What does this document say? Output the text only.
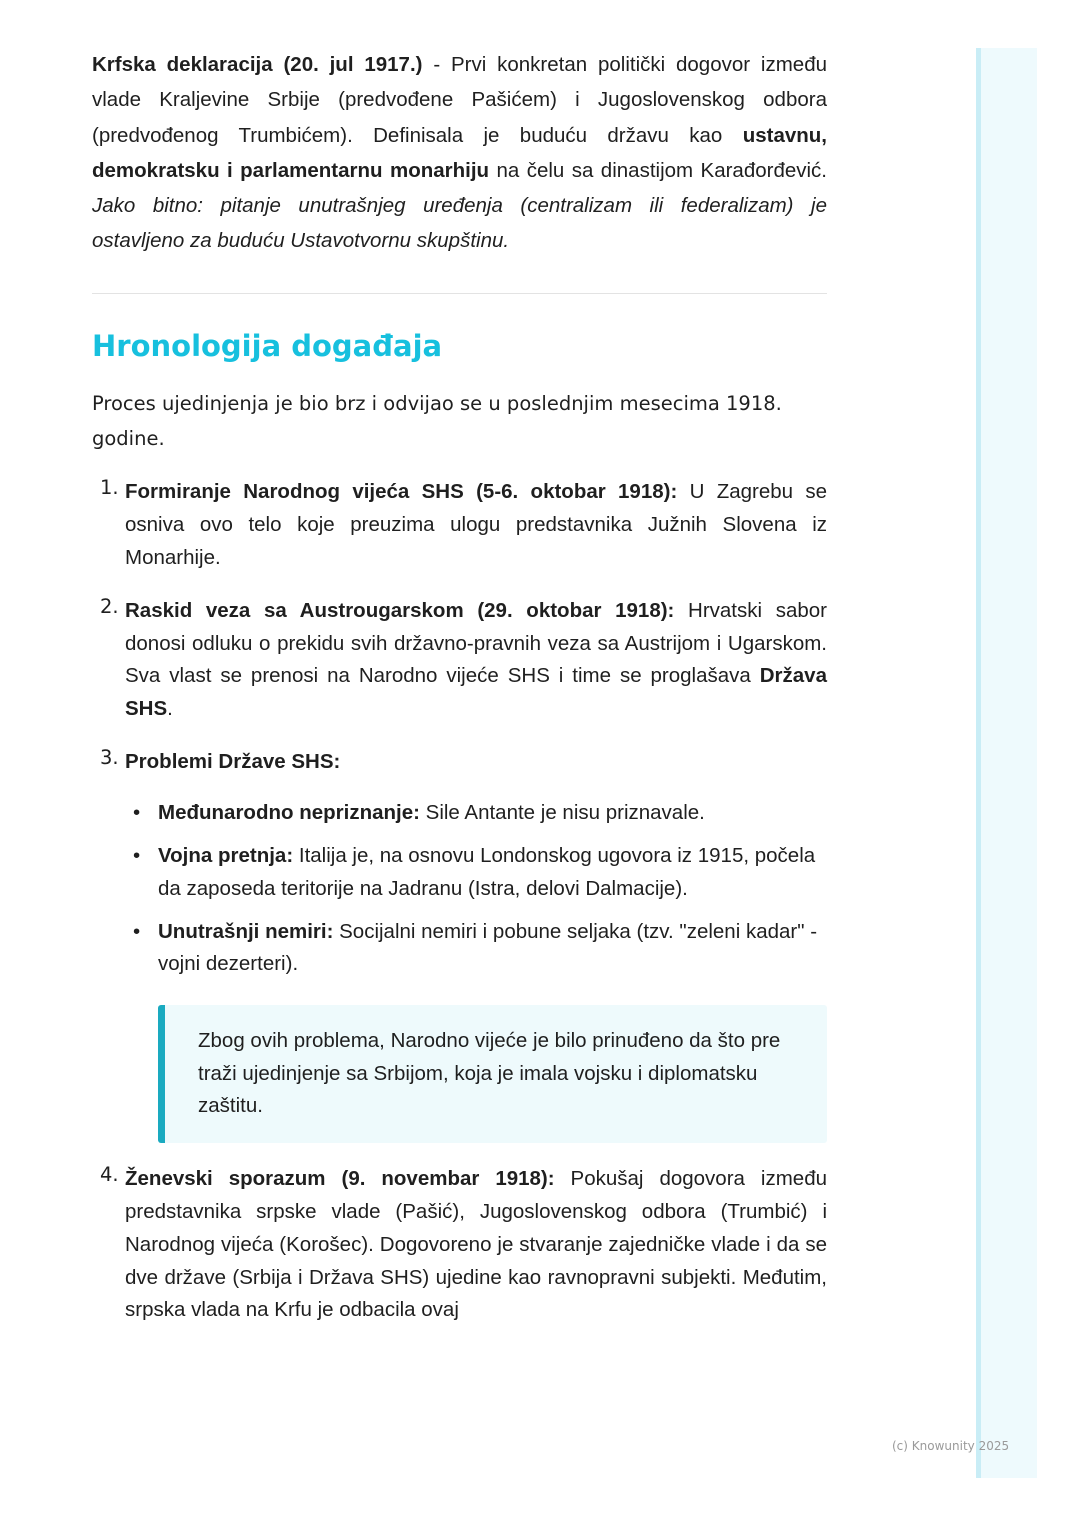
Krfska deklaracija (20. jul 1917.) - Prvi konkretan politički dogovor između vlade Kraljevine Srbije (predvođene Pašićem) i Jugoslovenskog odbora (predvođenog Trumbićem). Definisala je buduću državu kao ustavnu, demokratsku i parlamentarnu monarhiju na čelu sa dinastijom Karađorđević. Jako bitno: pitanje unutrašnjeg uređenja (centralizam ili federalizam) je ostavljeno za buduću Ustavotvornu skupštinu.

Hronologija događaja

Proces ujedinjenja je bio brz i odvijao se u poslednjim mesecima 1918. godine.

1. Formiranje Narodnog vijeća SHS (5-6. oktobar 1918): U Zagrebu se osniva ovo telo koje preuzima ulogu predstavnika Južnih Slovena iz Monarhije.
2. Raskid veza sa Austrougarskom (29. oktobar 1918): Hrvatski sabor donosi odluku o prekidu svih državno-pravnih veza sa Austrijom i Ugarskom. Sva vlast se prenosi na Narodno vijeće SHS i time se proglašava Država SHS.
3. Problemi Države SHS:
• Međunarodno nepriznanje: Sile Antante je nisu priznavale.
• Vojna pretnja: Italija je, na osnovu Londonskog ugovora iz 1915, počela da zaposeda teritorije na Jadranu (Istra, delovi Dalmacije).
• Unutrašnji nemiri: Socijalni nemiri i pobune seljaka (tzv. "zeleni kadar" - vojni dezerteri).

Zbog ovih problema, Narodno vijeće je bilo prinuđeno da što pre traži ujedinjenje sa Srbijom, koja je imala vojsku i diplomatsku zaštitu.

4. Ženevski sporazum (9. novembar 1918): Pokušaj dogovora između predstavnika srpske vlade (Pašić), Jugoslovenskog odbora (Trumbić) i Narodnog vijeća (Korošec). Dogovoreno je stvaranje zajedničke vlade i da se dve države (Srbija i Država SHS) ujedine kao ravnopravni subjekti. Međutim, srpska vlada na Krfu je odbacila ovaj
(c) Knowunity 2025
